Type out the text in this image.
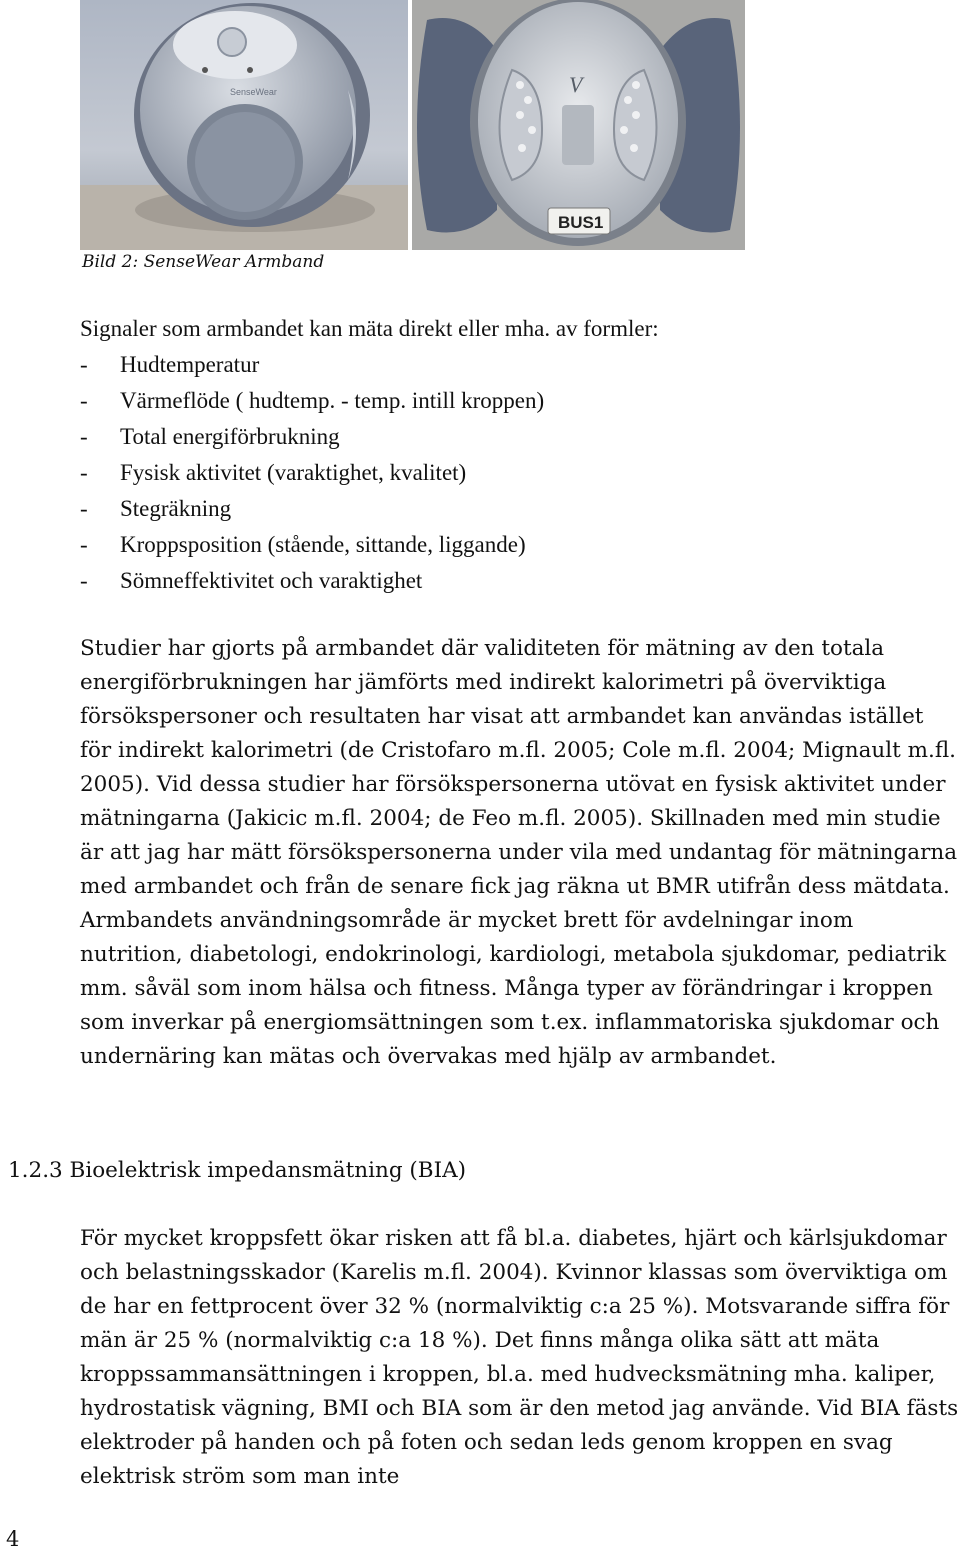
SenseWear	V
BUS1
Bild 2: SenseWear Armband
Signaler som armbandet kan mäta direkt eller mha. av formler:
- Hudtemperatur
- Värmeflöde ( hudtemp. - temp. intill kroppen)
- Total energiförbrukning
- Fysisk aktivitet (varaktighet, kvalitet)
- Stegräkning
- Kroppsposition (stående, sittande, liggande)
- Sömneffektivitet och varaktighet

Studier har gjorts på armbandet där validiteten för mätning av den totala energiförbrukningen har jämförts med indirekt kalorimetri på överviktiga försökspersoner och resultaten har visat att armbandet kan användas istället för indirekt kalorimetri (de Cristofaro m.fl. 2005; Cole m.fl. 2004; Mignault m.fl. 2005). Vid dessa studier har försökspersonerna utövat en fysisk aktivitet under mätningarna (Jakicic m.fl. 2004; de Feo m.fl. 2005). Skillnaden med min studie är att jag har mätt försökspersonerna under vila med undantag för mätningarna med armbandet och från de senare fick jag räkna ut BMR utifrån dess mätdata. Armbandets användningsområde är mycket brett för avdelningar inom nutrition, diabetologi, endokrinologi, kardiologi, metabola sjukdomar, pediatrik mm. såväl som inom hälsa och fitness. Många typer av förändringar i kroppen som inverkar på energiomsättningen som t.ex. inflammatoriska sjukdomar och undernäring kan mätas och övervakas med hjälp av armbandet.

1.2.3 Bioelektrisk impedansmätning (BIA)

För mycket kroppsfett ökar risken att få bl.a. diabetes, hjärt och kärlsjukdomar och belastningsskador (Karelis m.fl. 2004). Kvinnor klassas som överviktiga om de har en fettprocent över 32 % (normalviktig c:a 25 %). Motsvarande siffra för män är 25 % (normalviktig c:a 18 %). Det finns många olika sätt att mäta kroppssammansättningen i kroppen, bl.a. med hudvecksmätning mha. kaliper, hydrostatisk vägning, BMI och BIA som är den metod jag använde. Vid BIA fästs elektroder på handen och på foten och sedan leds genom kroppen en svag elektrisk ström som man inte

4
